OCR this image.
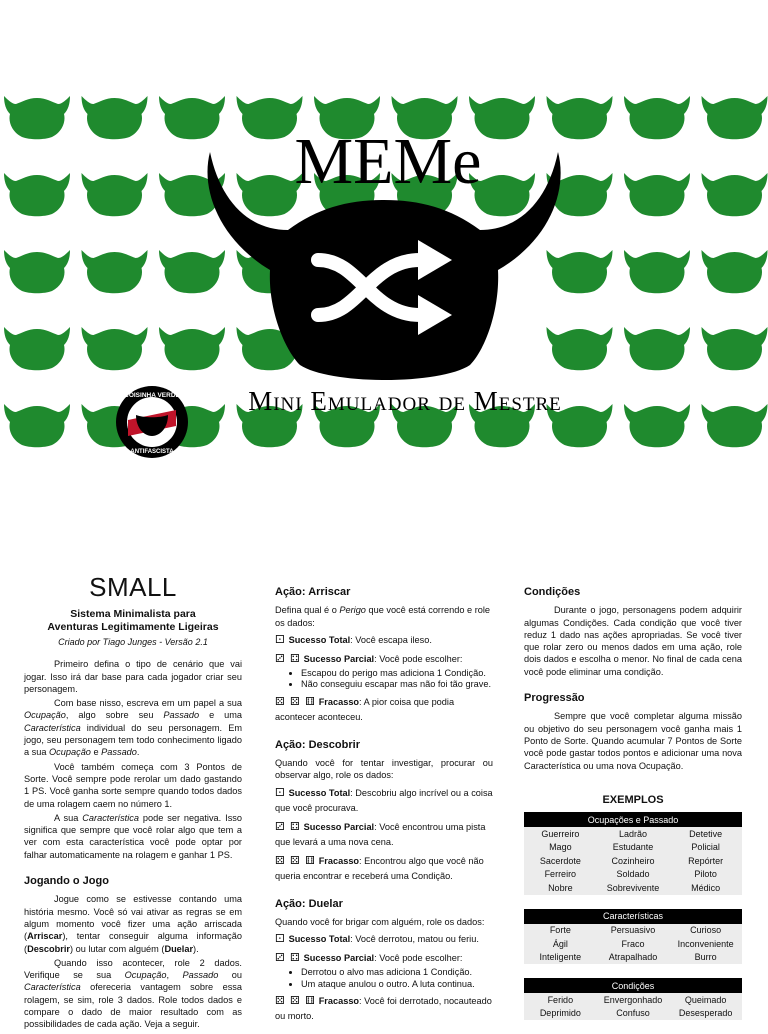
MEMe
Mini Emulador de Mestre
COISINHA VERDE
ANTIFASCISTA
SMALL
Sistema Minimalista para
Aventuras Legitimamente Ligeiras
Criado por Tiago Junges - Versão 2.1

Primeiro defina o tipo de cenário que vai jogar. Isso irá dar base para cada jogador criar seu personagem.

Com base nisso, escreva em um papel a sua Ocupação, algo sobre seu Passado e uma Característica individual do seu personagem. Em jogo, seu personagem tem todo conhecimento ligado a sua Ocupação e Passado.

Você também começa com 3 Pontos de Sorte. Você sempre pode rerolar um dado gastando 1 PS. Você ganha sorte sempre quando todos dados de uma rolagem caem no número 1.

A sua Característica pode ser negativa. Isso significa que sempre que você rolar algo que tem a ver com esta característica você pode optar por falhar automaticamente na rolagem e ganhar 1 PS.

Jogando o Jogo

Jogue como se estivesse contando uma história mesmo. Você só vai ativar as regras se em algum momento você fizer uma ação arriscada (Arriscar), tentar conseguir alguma informação (Descobrir) ou lutar com alguém (Duelar).

Quando isso acontecer, role 2 dados. Verifique se sua Ocupação, Passado ou Característica ofereceria vantagem sobre essa rolagem, se sim, role 3 dados. Role todos dados e compare o dado de maior resultado com as possibilidades de cada ação. Veja a seguir.

Ação: Arriscar

Defina qual é o Perigo que você está correndo e role os dados:

⚀ Sucesso Total: Você escapa ileso.
⚂ ⚃ Sucesso Parcial: Você pode escolher:
• Escapou do perigo mas adiciona 1 Condição.
• Não conseguiu escapar mas não foi tão grave.
⚄ ⚄ ⚅ Fracasso: A pior coisa que podia acontecer aconteceu.
Ação: Descobrir

Quando você for tentar investigar, procurar ou observar algo, role os dados:

⚀ Sucesso Total: Descobriu algo incrível ou a coisa que você procurava.
⚂ ⚃ Sucesso Parcial: Você encontrou uma pista que levará a uma nova cena.
⚄ ⚄ ⚅ Fracasso: Encontrou algo que você não queria encontrar e receberá uma Condição.
Ação: Duelar

Quando você for brigar com alguém, role os dados:

⚀ Sucesso Total: Você derrotou, matou ou feriu.
⚂ ⚃ Sucesso Parcial: Você pode escolher:
• Derrotou o alvo mas adiciona 1 Condição.
• Um ataque anulou o outro. A luta continua.
⚄ ⚄ ⚅ Fracasso: Você foi derrotado, nocauteado ou morto.
Condições

Durante o jogo, personagens podem adquirir algumas Condições. Cada condição que você tiver reduz 1 dado nas ações apropriadas. Se você tiver que rolar zero ou menos dados em uma ação, role dois dados e escolha o menor. No final de cada cena você pode eliminar uma condição.

Progressão

Sempre que você completar alguma missão ou objetivo do seu personagem você ganha mais 1 Ponto de Sorte. Quando acumular 7 Pontos de Sorte você pode gastar todos pontos e adicionar uma nova Característica ou uma nova Ocupação.

EXEMPLOS
Ocupações e Passado		
Guerreiro	Ladrão	Detetive
Mago	Estudante	Policial
Sacerdote	Cozinheiro	Repórter
Ferreiro	Soldado	Piloto
Nobre	Sobrevivente	Médico
Características		
Forte	Persuasivo	Curioso
Ágil	Fraco	Inconveniente
Inteligente	Atrapalhado	Burro
Condições		
Ferido	Envergonhado	Queimado
Deprimido	Confuso	Desesperado
